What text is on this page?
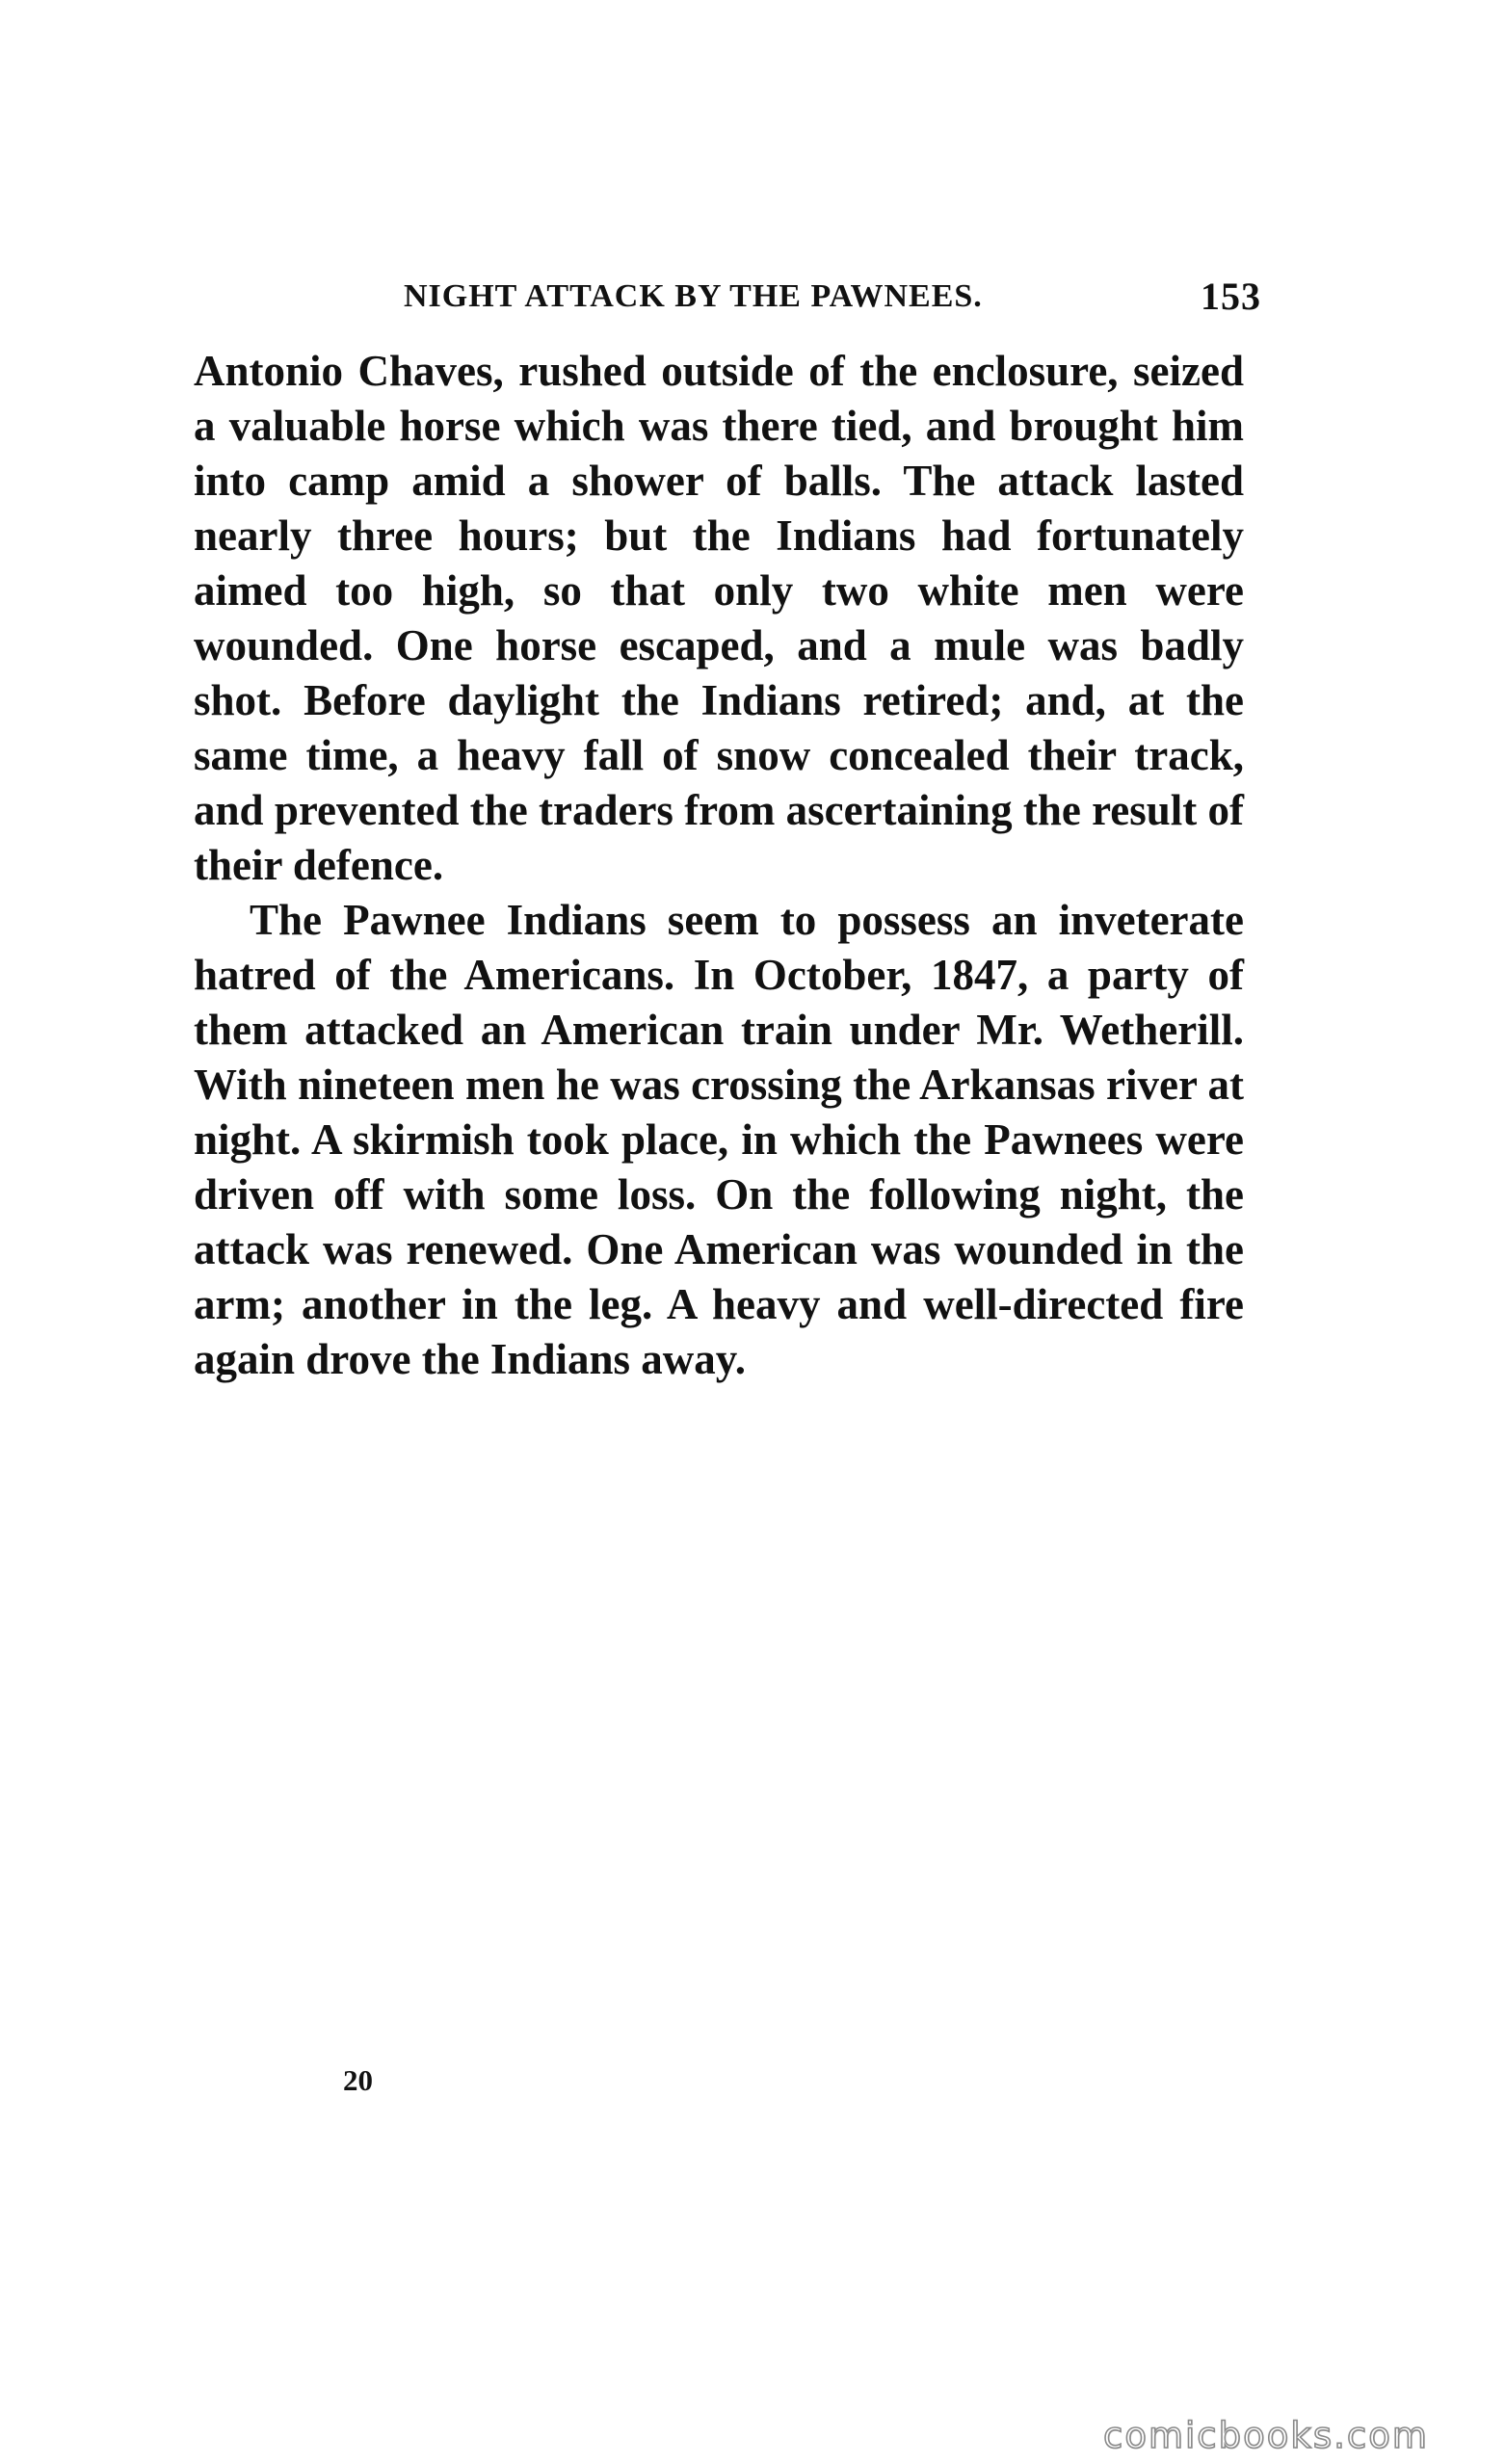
NIGHT ATTACK BY THE PAWNEES.	153

Antonio Chaves, rushed outside of the enclosure, seized a valuable horse which was there tied, and brought him into camp amid a shower of balls. The attack lasted nearly three hours; but the Indians had fortunately aimed too high, so that only two white men were wounded. One horse escaped, and a mule was badly shot. Before daylight the Indians retired; and, at the same time, a heavy fall of snow concealed their track, and prevented the traders from ascertaining the result of their defence.

The Pawnee Indians seem to possess an inveterate hatred of the Americans. In October, 1847, a party of them attacked an American train under Mr. Wetherill. With nineteen men he was crossing the Arkansas river at night. A skirmish took place, in which the Pawnees were driven off with some loss. On the following night, the attack was renewed. One American was wounded in the arm; another in the leg. A heavy and well-directed fire again drove the Indians away.

20
comicbooks.com
